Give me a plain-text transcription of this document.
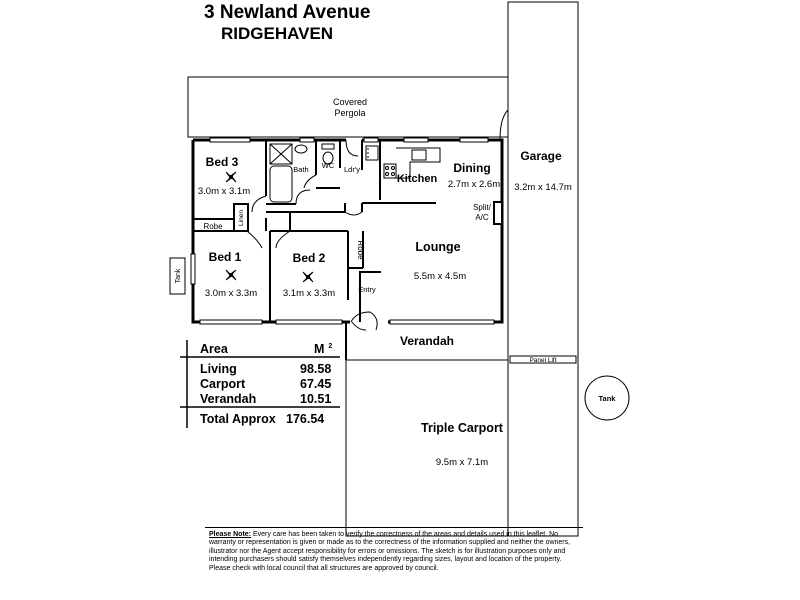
3 Newland Avenue
RIDGEHAVEN
Covered
Pergola
Garage
3.2m x 14.7m
Bed 3
3.0m x 3.1m
Bath WC Ldr'y
Kitchen
Dining
2.7m x 2.6m
Split/
A/C
Linen
Robe
Robe	Lounge
5.5m x 4.5m
Bed 1
3.0m x 3.3m
Bed 2
3.1m x 3.3m	Entry
Tank
Verandah
Panel Lift
Tank
Triple Carport
9.5m x 7.1m
Area	M $^2$
Living	98.58
Carport	67.45
Verandah	10.51
Total Approx 176.54
Please Note: Every care has been taken to verify the correctness of the areas and details used in this leaflet. No warranty or representation is given or made as to the correctness of the information supplied and neither the owners, illustrator nor the Agent accept responsibility for errors or omissions. The sketch is for illustration purposes only and intending purchasers should satisfy themselves independently regarding sizes, layout and location of the property. Please check with local council that all structures are approved by council.
